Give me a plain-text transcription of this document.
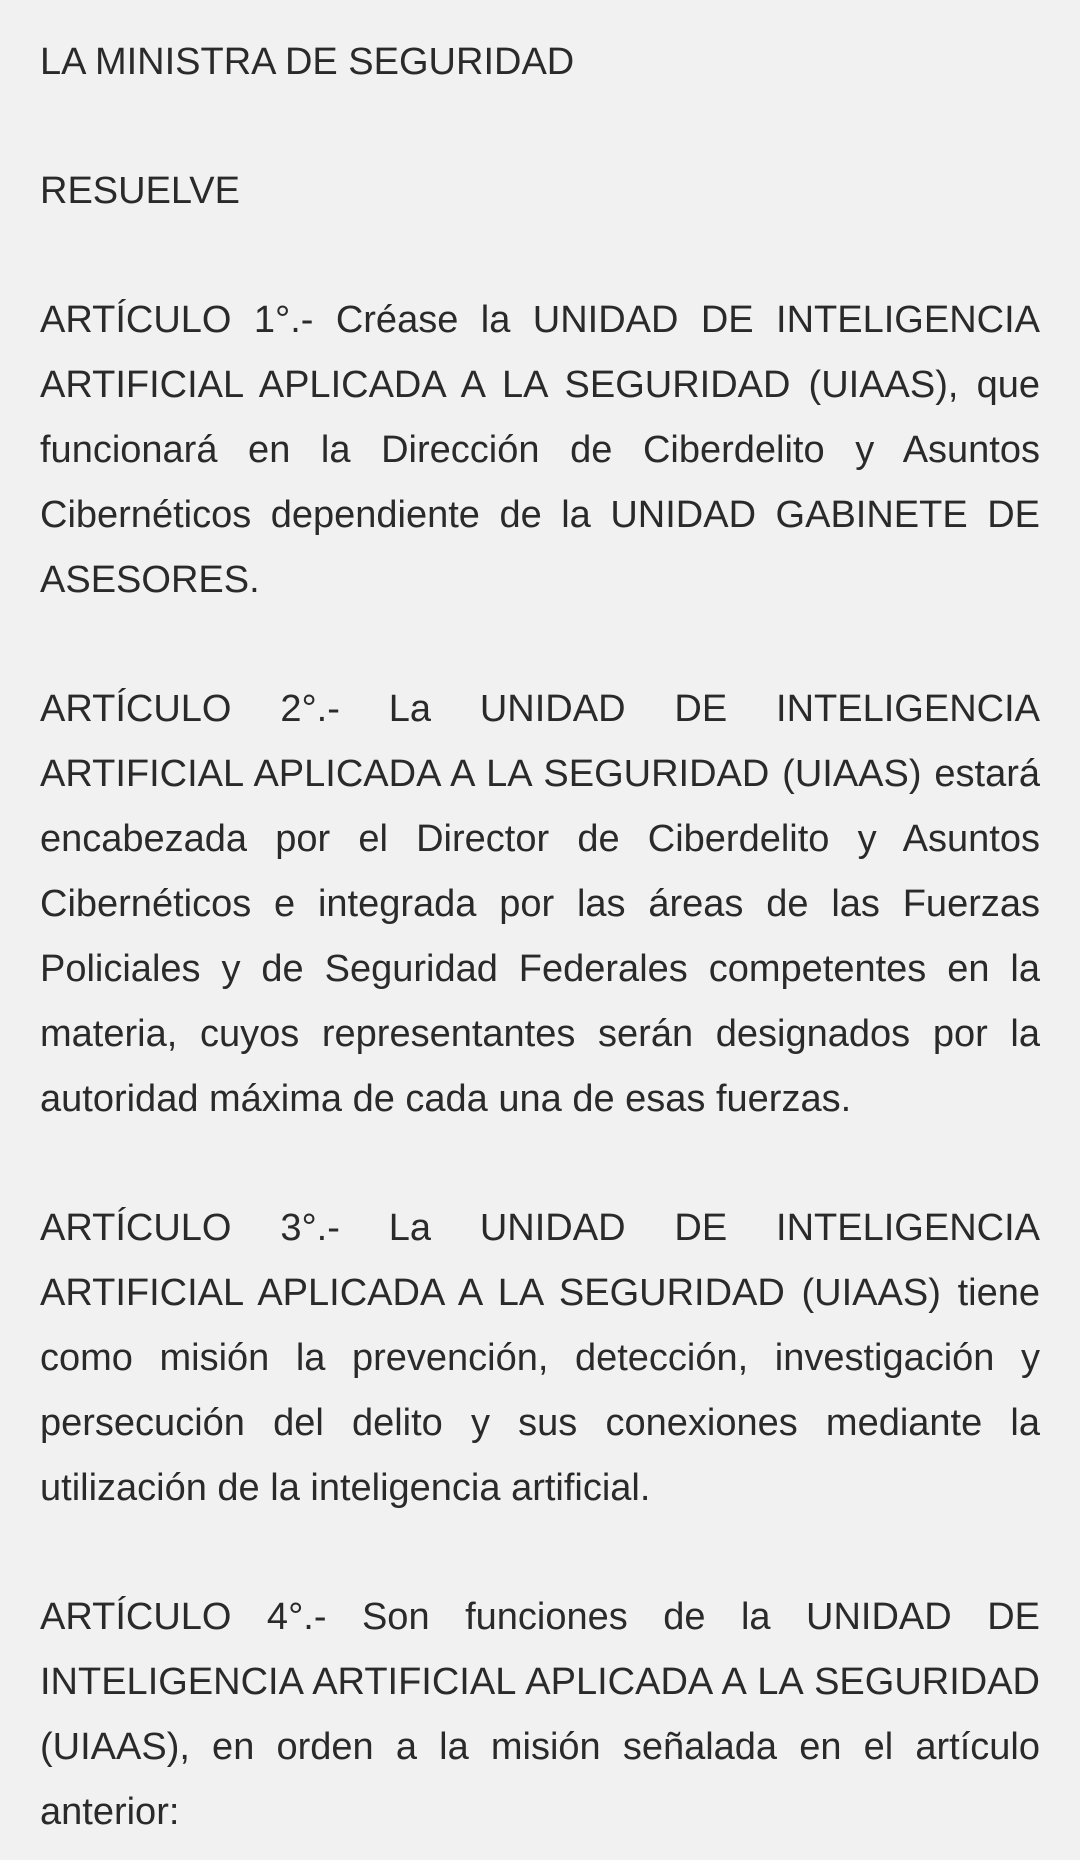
LA MINISTRA DE SEGURIDAD

RESUELVE

ARTÍCULO 1°.- Créase la UNIDAD DE INTELIGENCIA ARTIFICIAL APLICADA A LA SEGURIDAD (UIAAS), que funcionará en la Dirección de Ciberdelito y Asuntos Cibernéticos dependiente de la UNIDAD GABINETE DE ASESORES.

ARTÍCULO 2°.- La UNIDAD DE INTELIGENCIA ARTIFICIAL APLICADA A LA SEGURIDAD (UIAAS) estará encabezada por el Director de Ciberdelito y Asuntos Cibernéticos e integrada por las áreas de las Fuerzas Policiales y de Seguridad Federales competentes en la materia, cuyos representantes serán designados por la autoridad máxima de cada una de esas fuerzas.

ARTÍCULO 3°.- La UNIDAD DE INTELIGENCIA ARTIFICIAL APLICADA A LA SEGURIDAD (UIAAS) tiene como misión la prevención, detección, investigación y persecución del delito y sus conexiones mediante la utilización de la inteligencia artificial.

ARTÍCULO 4°.- Son funciones de la UNIDAD DE INTELIGENCIA ARTIFICIAL APLICADA A LA SEGURIDAD (UIAAS), en orden a la misión señalada en el artículo anterior:
